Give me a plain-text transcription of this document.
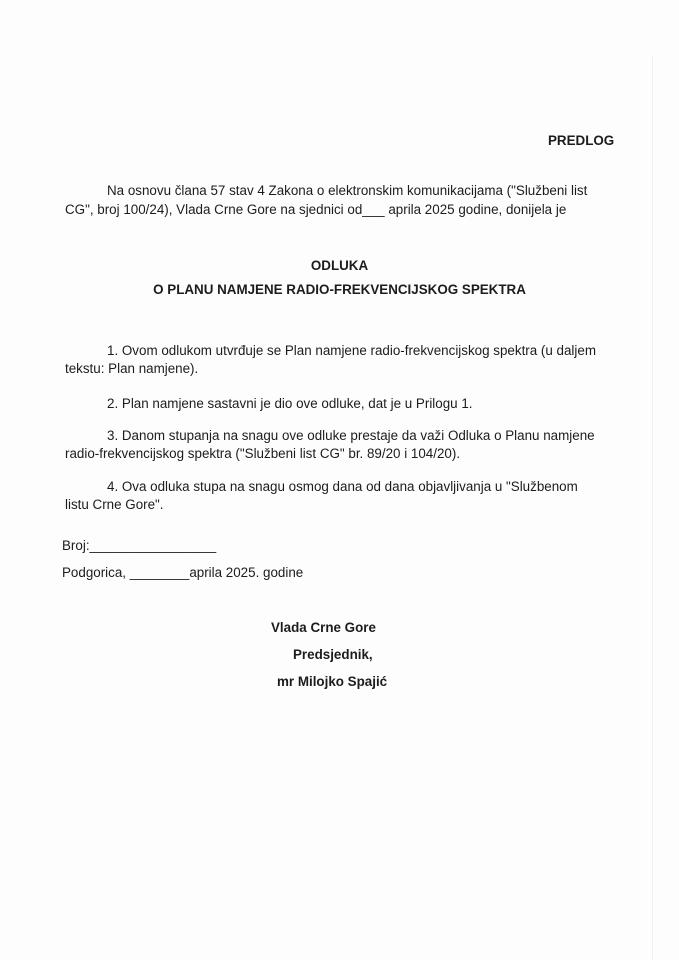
PREDLOG
Na osnovu člana 57 stav 4 Zakona o elektronskim komunikacijama ("Službeni list
CG", broj 100/24), Vlada Crne Gore na sjednici od___ aprila 2025 godine, donijela je
ODLUKA
O PLANU NAMJENE RADIO-FREKVENCIJSKOG SPEKTRA
1. Ovom odlukom utvrđuje se Plan namjene radio-frekvencijskog spektra (u daljem
tekstu: Plan namjene).
2. Plan namjene sastavni je dio ove odluke, dat je u Prilogu 1.
3. Danom stupanja na snagu ove odluke prestaje da važi Odluka o Planu namjene
radio-frekvencijskog spektra ("Službeni list CG" br. 89/20 i 104/20).
4. Ova odluka stupa na snagu osmog dana od dana objavljivanja u "Službenom
listu Crne Gore".
Broj:_________________
Podgorica, ________aprila 2025. godine
Vlada Crne Gore
Predsjednik,
mr Milojko Spajić
